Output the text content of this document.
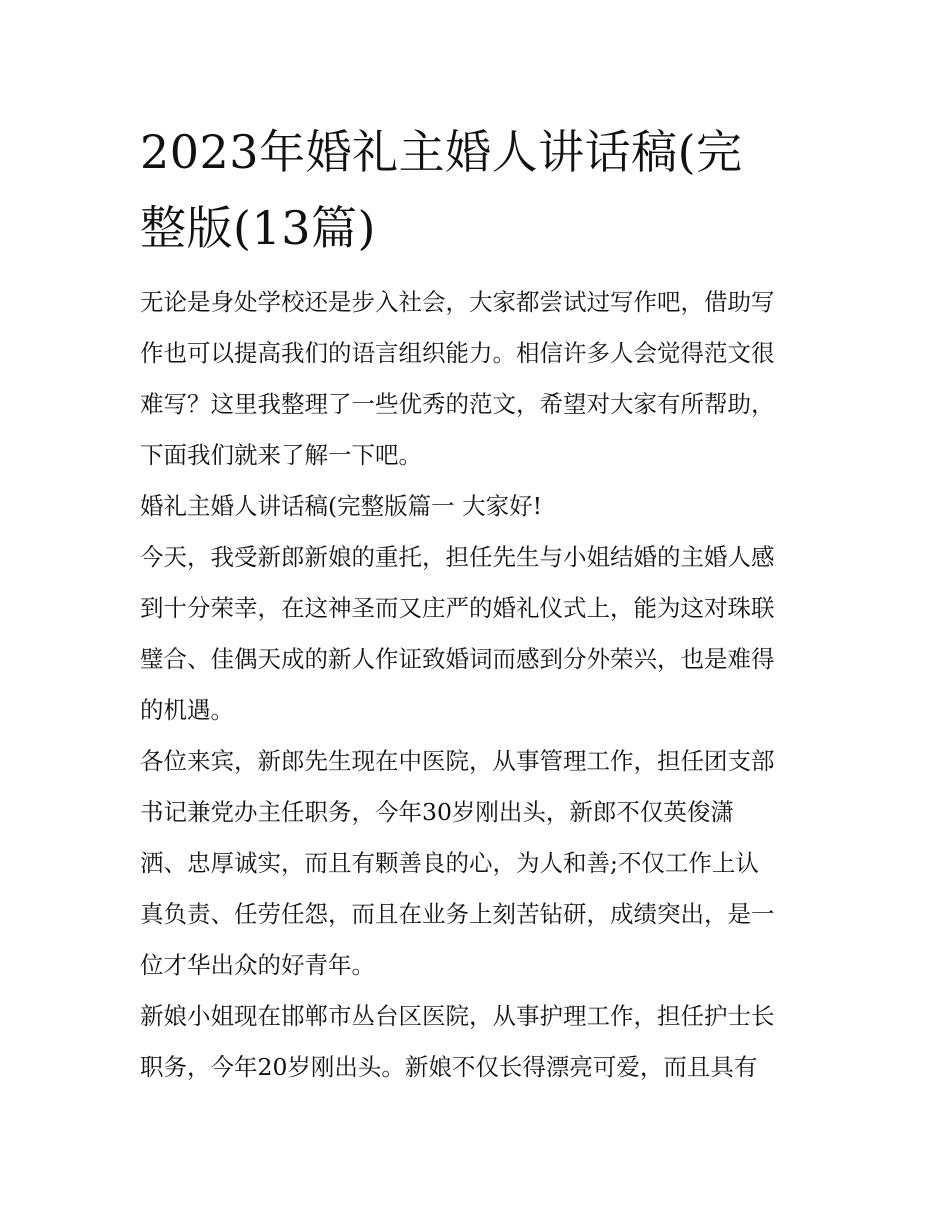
2023年婚礼主婚人讲话稿(完
整版(13篇)

无论是身处学校还是步入社会，大家都尝试过写作吧，借助写
作也可以提高我们的语言组织能力。相信许多人会觉得范文很
难写？这里我整理了一些优秀的范文，希望对大家有所帮助，
下面我们就来了解一下吧。

婚礼主婚人讲话稿(完整版篇一 大家好!

今天，我受新郎新娘的重托，担任先生与小姐结婚的主婚人感
到十分荣幸，在这神圣而又庄严的婚礼仪式上，能为这对珠联
璧合、佳偶天成的新人作证致婚词而感到分外荣兴，也是难得
的机遇。

各位来宾，新郎先生现在中医院，从事管理工作，担任团支部
书记兼党办主任职务，今年30岁刚出头，新郎不仅英俊潇
洒、忠厚诚实，而且有颗善良的心，为人和善;不仅工作上认
真负责、任劳任怨，而且在业务上刻苦钻研，成绩突出，是一
位才华出众的好青年。

新娘小姐现在邯郸市丛台区医院，从事护理工作，担任护士长
职务，今年20岁刚出头。新娘不仅长得漂亮可爱，而且具有
